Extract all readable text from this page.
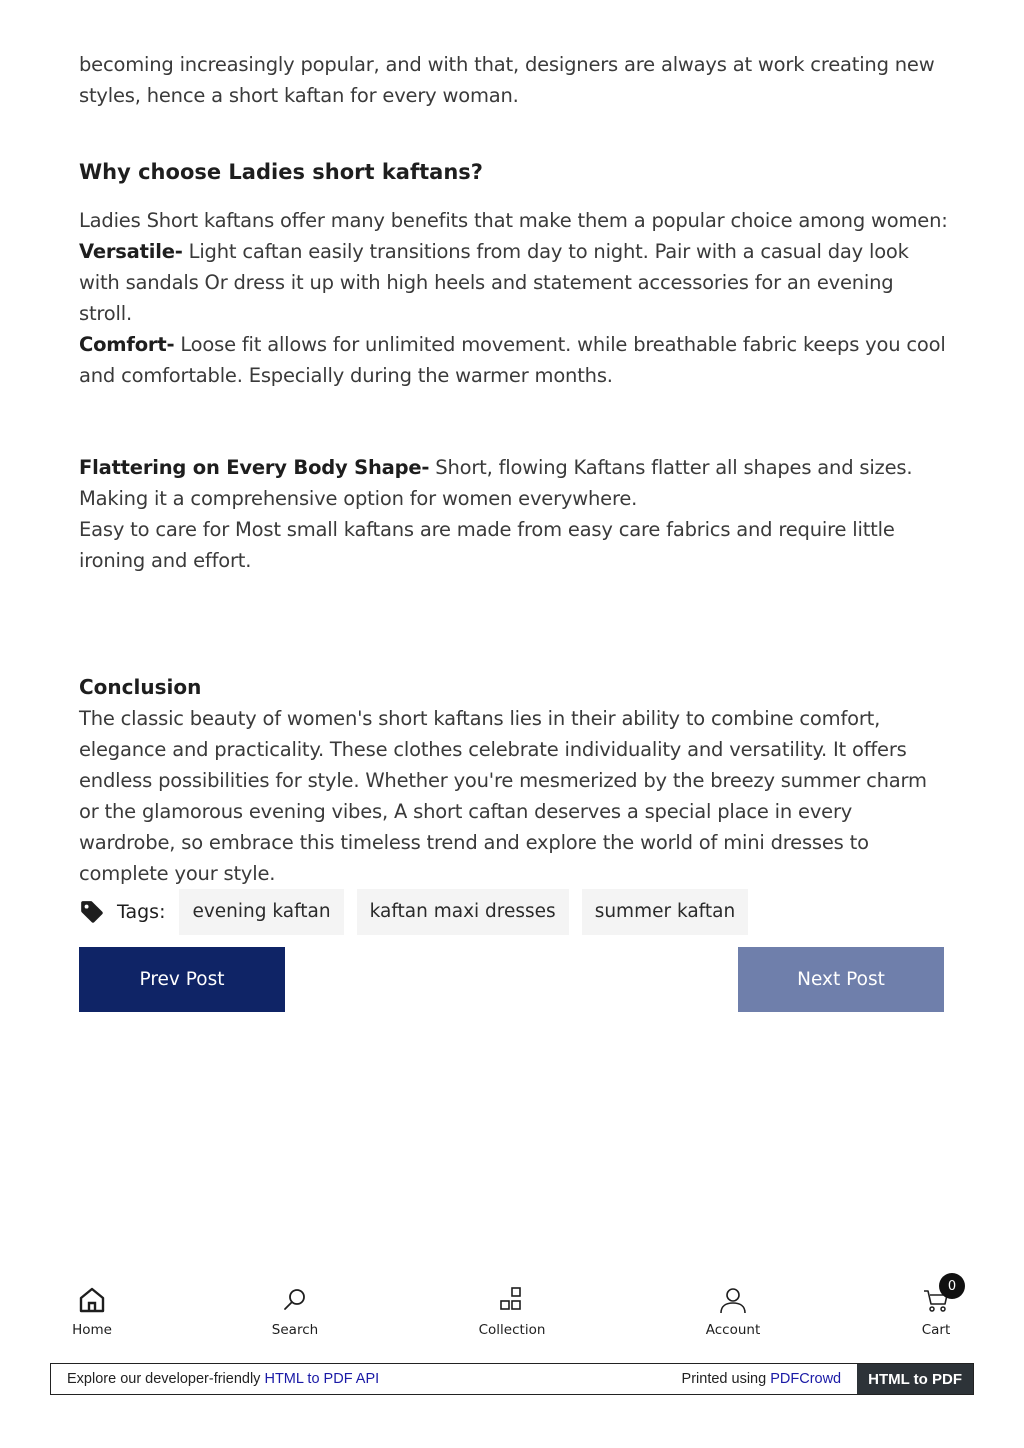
becoming increasingly popular, and with that, designers are always at work creating new styles, hence a short kaftan for every woman.

Why choose Ladies short kaftans?

Ladies Short kaftans offer many benefits that make them a popular choice among women:

Versatile- Light caftan easily transitions from day to night. Pair with a casual day look with sandals Or dress it up with high heels and statement accessories for an evening stroll.

Comfort- Loose fit allows for unlimited movement. while breathable fabric keeps you cool and comfortable. Especially during the warmer months.

Flattering on Every Body Shape- Short, flowing Kaftans flatter all shapes and sizes. Making it a comprehensive option for women everywhere.

Easy to care for Most small kaftans are made from easy care fabrics and require little ironing and effort.

Conclusion

The classic beauty of women's short kaftans lies in their ability to combine comfort, elegance and practicality. These clothes celebrate individuality and versatility. It offers endless possibilities for style. Whether you're mesmerized by the breezy summer charm or the glamorous evening vibes, A short caftan deserves a special place in every wardrobe, so embrace this timeless trend and explore the world of mini dresses to complete your style.

Tags:	evening kaftan	kaftan maxi dresses	summer kaftan
Prev Post	Next Post
Home	Search	Collection	Account
0
Cart
Explore our developer-friendly HTML to PDF API	Printed using PDFCrowd	HTML to PDF
